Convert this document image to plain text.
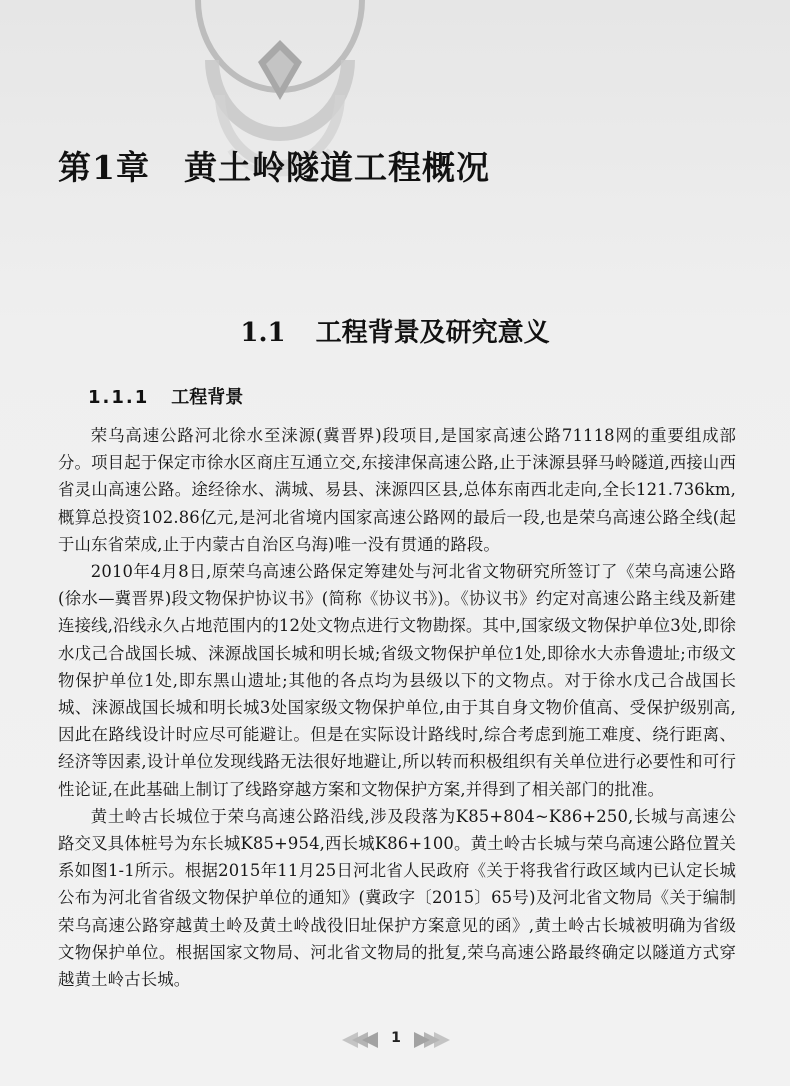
第1章 黄土岭隧道工程概况
1.1 工程背景及研究意义
1.1.1 工程背景

荣乌高速公路河北徐水至涞源(冀晋界)段项目,是国家高速公路71118网的重要组成部分。项目起于保定市徐水区商庄互通立交,东接津保高速公路,止于涞源县驿马岭隧道,西接山西省灵山高速公路。途经徐水、满城、易县、涞源四区县,总体东南西北走向,全长121.736km,概算总投资102.86亿元,是河北省境内国家高速公路网的最后一段,也是荣乌高速公路全线(起于山东省荣成,止于内蒙古自治区乌海)唯一没有贯通的路段。

2010年4月8日,原荣乌高速公路保定筹建处与河北省文物研究所签订了《荣乌高速公路(徐水—冀晋界)段文物保护协议书》(简称《协议书》)。《协议书》约定对高速公路主线及新建连接线,沿线永久占地范围内的12处文物点进行文物勘探。其中,国家级文物保护单位3处,即徐水戊己合战国长城、涞源战国长城和明长城;省级文物保护单位1处,即徐水大赤鲁遗址;市级文物保护单位1处,即东黑山遗址;其他的各点均为县级以下的文物点。对于徐水戊己合战国长城、涞源战国长城和明长城3处国家级文物保护单位,由于其自身文物价值高、受保护级别高,因此在路线设计时应尽可能避让。但是在实际设计路线时,综合考虑到施工难度、绕行距离、经济等因素,设计单位发现线路无法很好地避让,所以转而积极组织有关单位进行必要性和可行性论证,在此基础上制订了线路穿越方案和文物保护方案,并得到了相关部门的批准。

黄土岭古长城位于荣乌高速公路沿线,涉及段落为K85+804~K86+250,长城与高速公路交叉具体桩号为东长城K85+954,西长城K86+100。黄土岭古长城与荣乌高速公路位置关系如图1-1所示。根据2015年11月25日河北省人民政府《关于将我省行政区域内已认定长城公布为河北省省级文物保护单位的通知》(冀政字〔2015〕65号)及河北省文物局《关于编制荣乌高速公路穿越黄土岭及黄土岭战役旧址保护方案意见的函》,黄土岭古长城被明确为省级文物保护单位。根据国家文物局、河北省文物局的批复,荣乌高速公路最终确定以隧道方式穿越黄土岭古长城。

1
